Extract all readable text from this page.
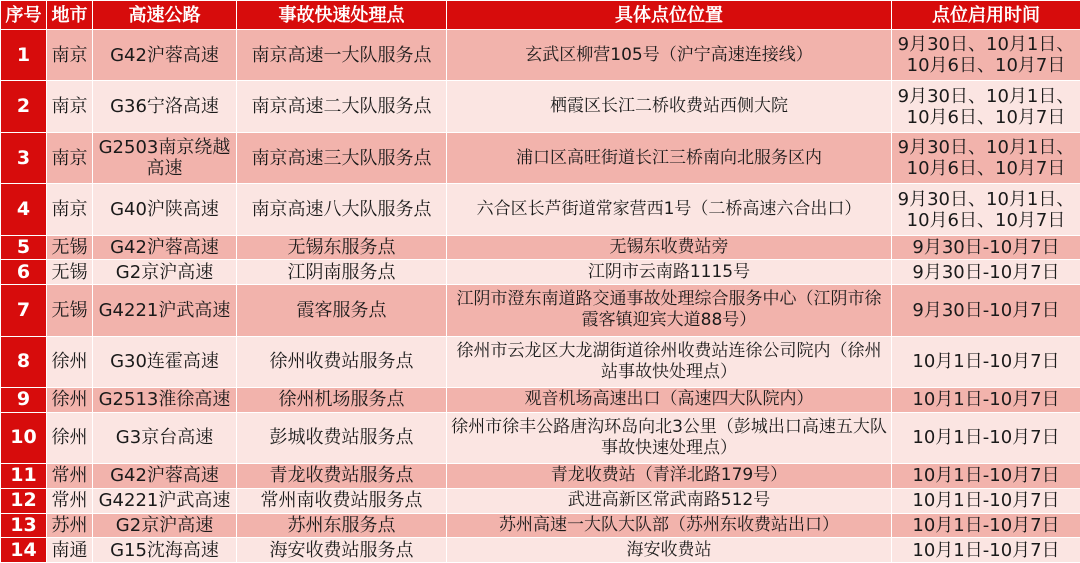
序号	地市	高速公路	事故快速处理点	具体点位位置	点位启用时间
1	南京	G42沪蓉高速	南京高速一大队服务点	玄武区柳营105号（沪宁高速连接线）	9月30日、10月1日、10月6日、10月7日
2	南京	G36宁洛高速	南京高速二大队服务点	栖霞区长江二桥收费站西侧大院	9月30日、10月1日、10月6日、10月7日
3	南京	G2503南京绕越高速	南京高速三大队服务点	浦口区高旺街道长江三桥南向北服务区内	9月30日、10月1日、10月6日、10月7日
4	南京	G40沪陕高速	南京高速八大队服务点	六合区长芦街道常家营西1号（二桥高速六合出口）	9月30日、10月1日、10月6日、10月7日
5	无锡	G42沪蓉高速	无锡东服务点	无锡东收费站旁	9月30日-10月7日
6	无锡	G2京沪高速	江阴南服务点	江阴市云南路1115号	9月30日-10月7日
7	无锡	G4221沪武高速	霞客服务点	江阴市澄东南道路交通事故处理综合服务中心（江阴市徐霞客镇迎宾大道88号）	9月30日-10月7日
8	徐州	G30连霍高速	徐州收费站服务点	徐州市云龙区大龙湖街道徐州收费站连徐公司院内（徐州站事故快处理点）	10月1日-10月7日
9	徐州	G2513淮徐高速	徐州机场服务点	观音机场高速出口（高速四大队院内）	10月1日-10月7日
10	徐州	G3京台高速	彭城收费站服务点	徐州市徐丰公路唐沟环岛向北3公里（彭城出口高速五大队事故快速处理点）	10月1日-10月7日
11	常州	G42沪蓉高速	青龙收费站服务点	青龙收费站（青洋北路179号）	10月1日-10月7日
12	常州	G4221沪武高速	常州南收费站服务点	武进高新区常武南路512号	10月1日-10月7日
13	苏州	G2京沪高速	苏州东服务点	苏州高速一大队大队部（苏州东收费站出口）	10月1日-10月7日
14	南通	G15沈海高速	海安收费站服务点	海安收费站	10月1日-10月7日
